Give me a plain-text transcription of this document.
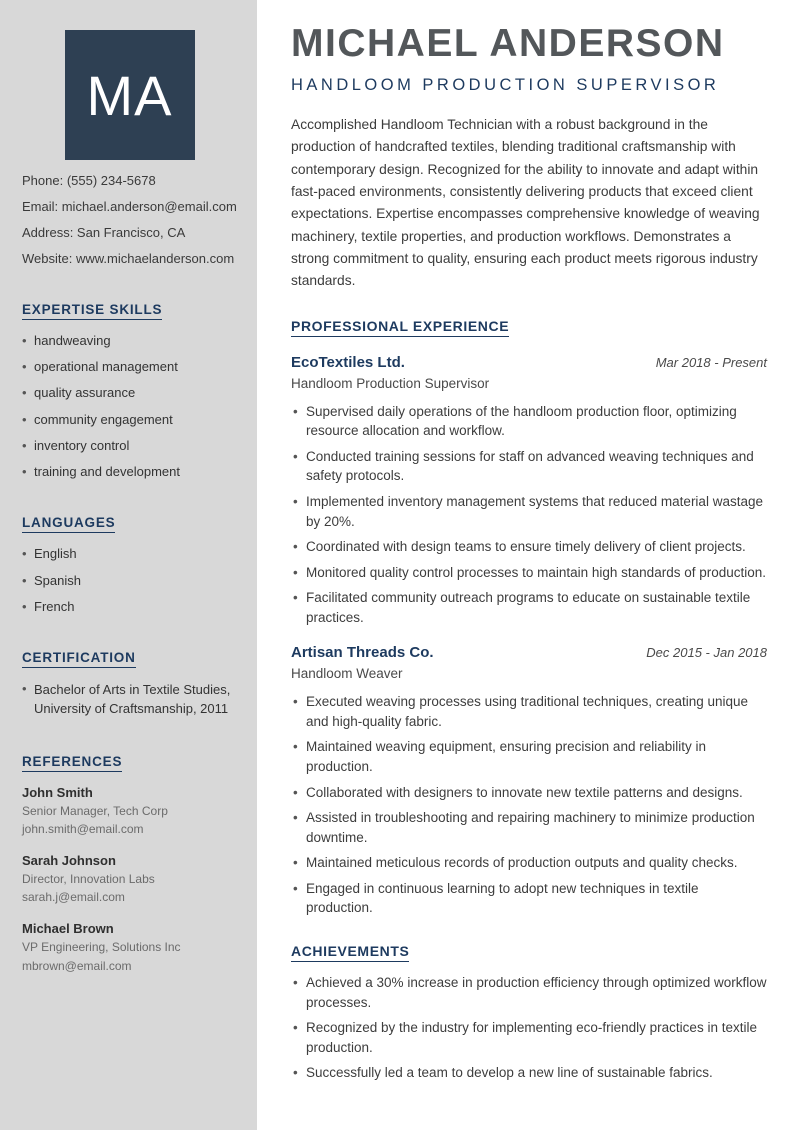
MA
Phone: (555) 234-5678
Email: michael.anderson@email.com
Address: San Francisco, CA
Website: www.michaelanderson.com
EXPERTISE SKILLS
• handweaving
• operational management
• quality assurance
• community engagement
• inventory control
• training and development
LANGUAGES
• English
• Spanish
• French
CERTIFICATION
• Bachelor of Arts in Textile Studies, University of Craftsmanship, 2011
REFERENCES
John Smith
Senior Manager, Tech Corp
john.smith@email.com
Sarah Johnson
Director, Innovation Labs
sarah.j@email.com
Michael Brown
VP Engineering, Solutions Inc
mbrown@email.com
MICHAEL ANDERSON
HANDLOOM PRODUCTION SUPERVISOR

Accomplished Handloom Technician with a robust background in the production of handcrafted textiles, blending traditional craftsmanship with contemporary design. Recognized for the ability to innovate and adapt within fast-paced environments, consistently delivering products that exceed client expectations. Expertise encompasses comprehensive knowledge of weaving machinery, textile properties, and production workflows. Demonstrates a strong commitment to quality, ensuring each product meets rigorous industry standards.

PROFESSIONAL EXPERIENCE
EcoTextiles Ltd.	Mar 2018 - Present
Handloom Production Supervisor
• Supervised daily operations of the handloom production floor, optimizing resource allocation and workflow.
• Conducted training sessions for staff on advanced weaving techniques and safety protocols.
• Implemented inventory management systems that reduced material wastage by 20%.
• Coordinated with design teams to ensure timely delivery of client projects.
• Monitored quality control processes to maintain high standards of production.
• Facilitated community outreach programs to educate on sustainable textile practices.
Artisan Threads Co.	Dec 2015 - Jan 2018
Handloom Weaver
• Executed weaving processes using traditional techniques, creating unique and high-quality fabric.
• Maintained weaving equipment, ensuring precision and reliability in production.
• Collaborated with designers to innovate new textile patterns and designs.
• Assisted in troubleshooting and repairing machinery to minimize production downtime.
• Maintained meticulous records of production outputs and quality checks.
• Engaged in continuous learning to adopt new techniques in textile production.
ACHIEVEMENTS
• Achieved a 30% increase in production efficiency through optimized workflow processes.
• Recognized by the industry for implementing eco-friendly practices in textile production.
• Successfully led a team to develop a new line of sustainable fabrics.
